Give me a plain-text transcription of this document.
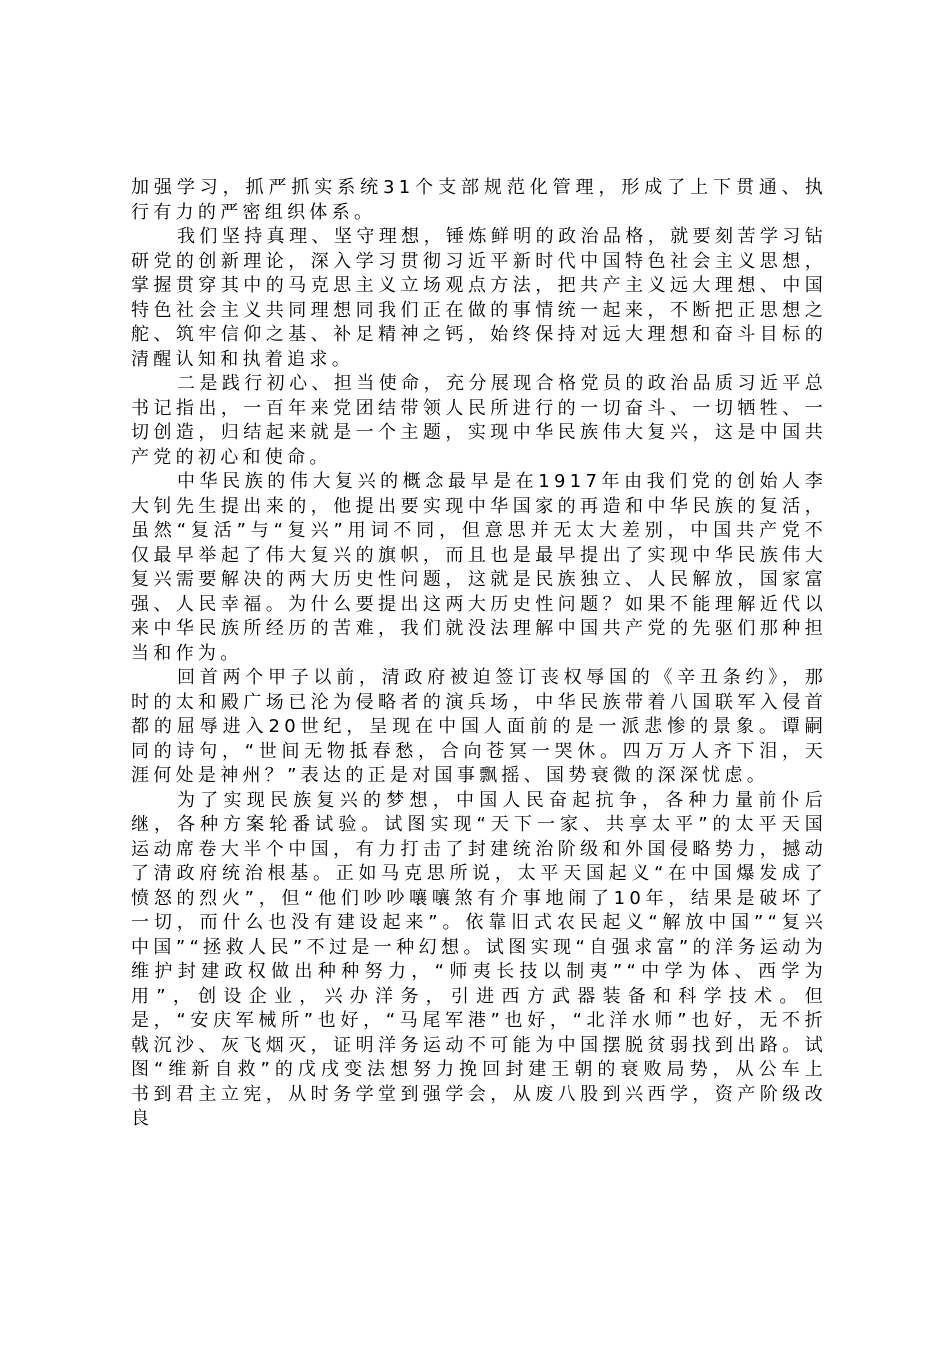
加强学习，抓严抓实系统31个支部规范化管理，形成了上下贯通、执行有力的严密组织体系。

我们坚持真理、坚守理想，锤炼鲜明的政治品格，就要刻苦学习钻研党的创新理论，深入学习贯彻习近平新时代中国特色社会主义思想，掌握贯穿其中的马克思主义立场观点方法，把共产主义远大理想、中国特色社会主义共同理想同我们正在做的事情统一起来，不断把正思想之舵、筑牢信仰之基、补足精神之钙，始终保持对远大理想和奋斗目标的清醒认知和执着追求。

二是践行初心、担当使命，充分展现合格党员的政治品质习近平总书记指出，一百年来党团结带领人民所进行的一切奋斗、一切牺牲、一切创造，归结起来就是一个主题，实现中华民族伟大复兴，这是中国共产党的初心和使命。

中华民族的伟大复兴的概念最早是在1917年由我们党的创始人李大钊先生提出来的，他提出要实现中华国家的再造和中华民族的复活，虽然“复活”与“复兴”用词不同，但意思并无太大差别，中国共产党不仅最早举起了伟大复兴的旗帜，而且也是最早提出了实现中华民族伟大复兴需要解决的两大历史性问题，这就是民族独立、人民解放，国家富强、人民幸福。为什么要提出这两大历史性问题？如果不能理解近代以来中华民族所经历的苦难，我们就没法理解中国共产党的先驱们那种担当和作为。

回首两个甲子以前，清政府被迫签订丧权辱国的《辛丑条约》，那时的太和殿广场已沦为侵略者的演兵场，中华民族带着八国联军入侵首都的屈辱进入20世纪，呈现在中国人面前的是一派悲惨的景象。谭嗣同的诗句，“世间无物抵春愁，合向苍冥一哭休。四万万人齐下泪，天涯何处是神州？”表达的正是对国事飘摇、国势衰微的深深忧虑。

为了实现民族复兴的梦想，中国人民奋起抗争，各种力量前仆后继，各种方案轮番试验。试图实现“天下一家、共享太平”的太平天国运动席卷大半个中国，有力打击了封建统治阶级和外国侵略势力，撼动了清政府统治根基。正如马克思所说，太平天国起义“在中国爆发成了愤怒的烈火”，但“他们吵吵嚷嚷煞有介事地闹了10年，结果是破坏了一切，而什么也没有建设起来”。依靠旧式农民起义“解放中国”“复兴中国”“拯救人民”不过是一种幻想。试图实现“自强求富”的洋务运动为维护封建政权做出种种努力，“师夷长技以制夷”“中学为体、西学为用”，创设企业，兴办洋务，引进西方武器装备和科学技术。但是，“安庆军械所”也好，“马尾军港”也好，“北洋水师”也好，无不折戟沉沙、灰飞烟灭，证明洋务运动不可能为中国摆脱贫弱找到出路。试图“维新自救”的戊戌变法想努力挽回封建王朝的衰败局势，从公车上书到君主立宪，从时务学堂到强学会，从废八股到兴西学，资产阶级改良
